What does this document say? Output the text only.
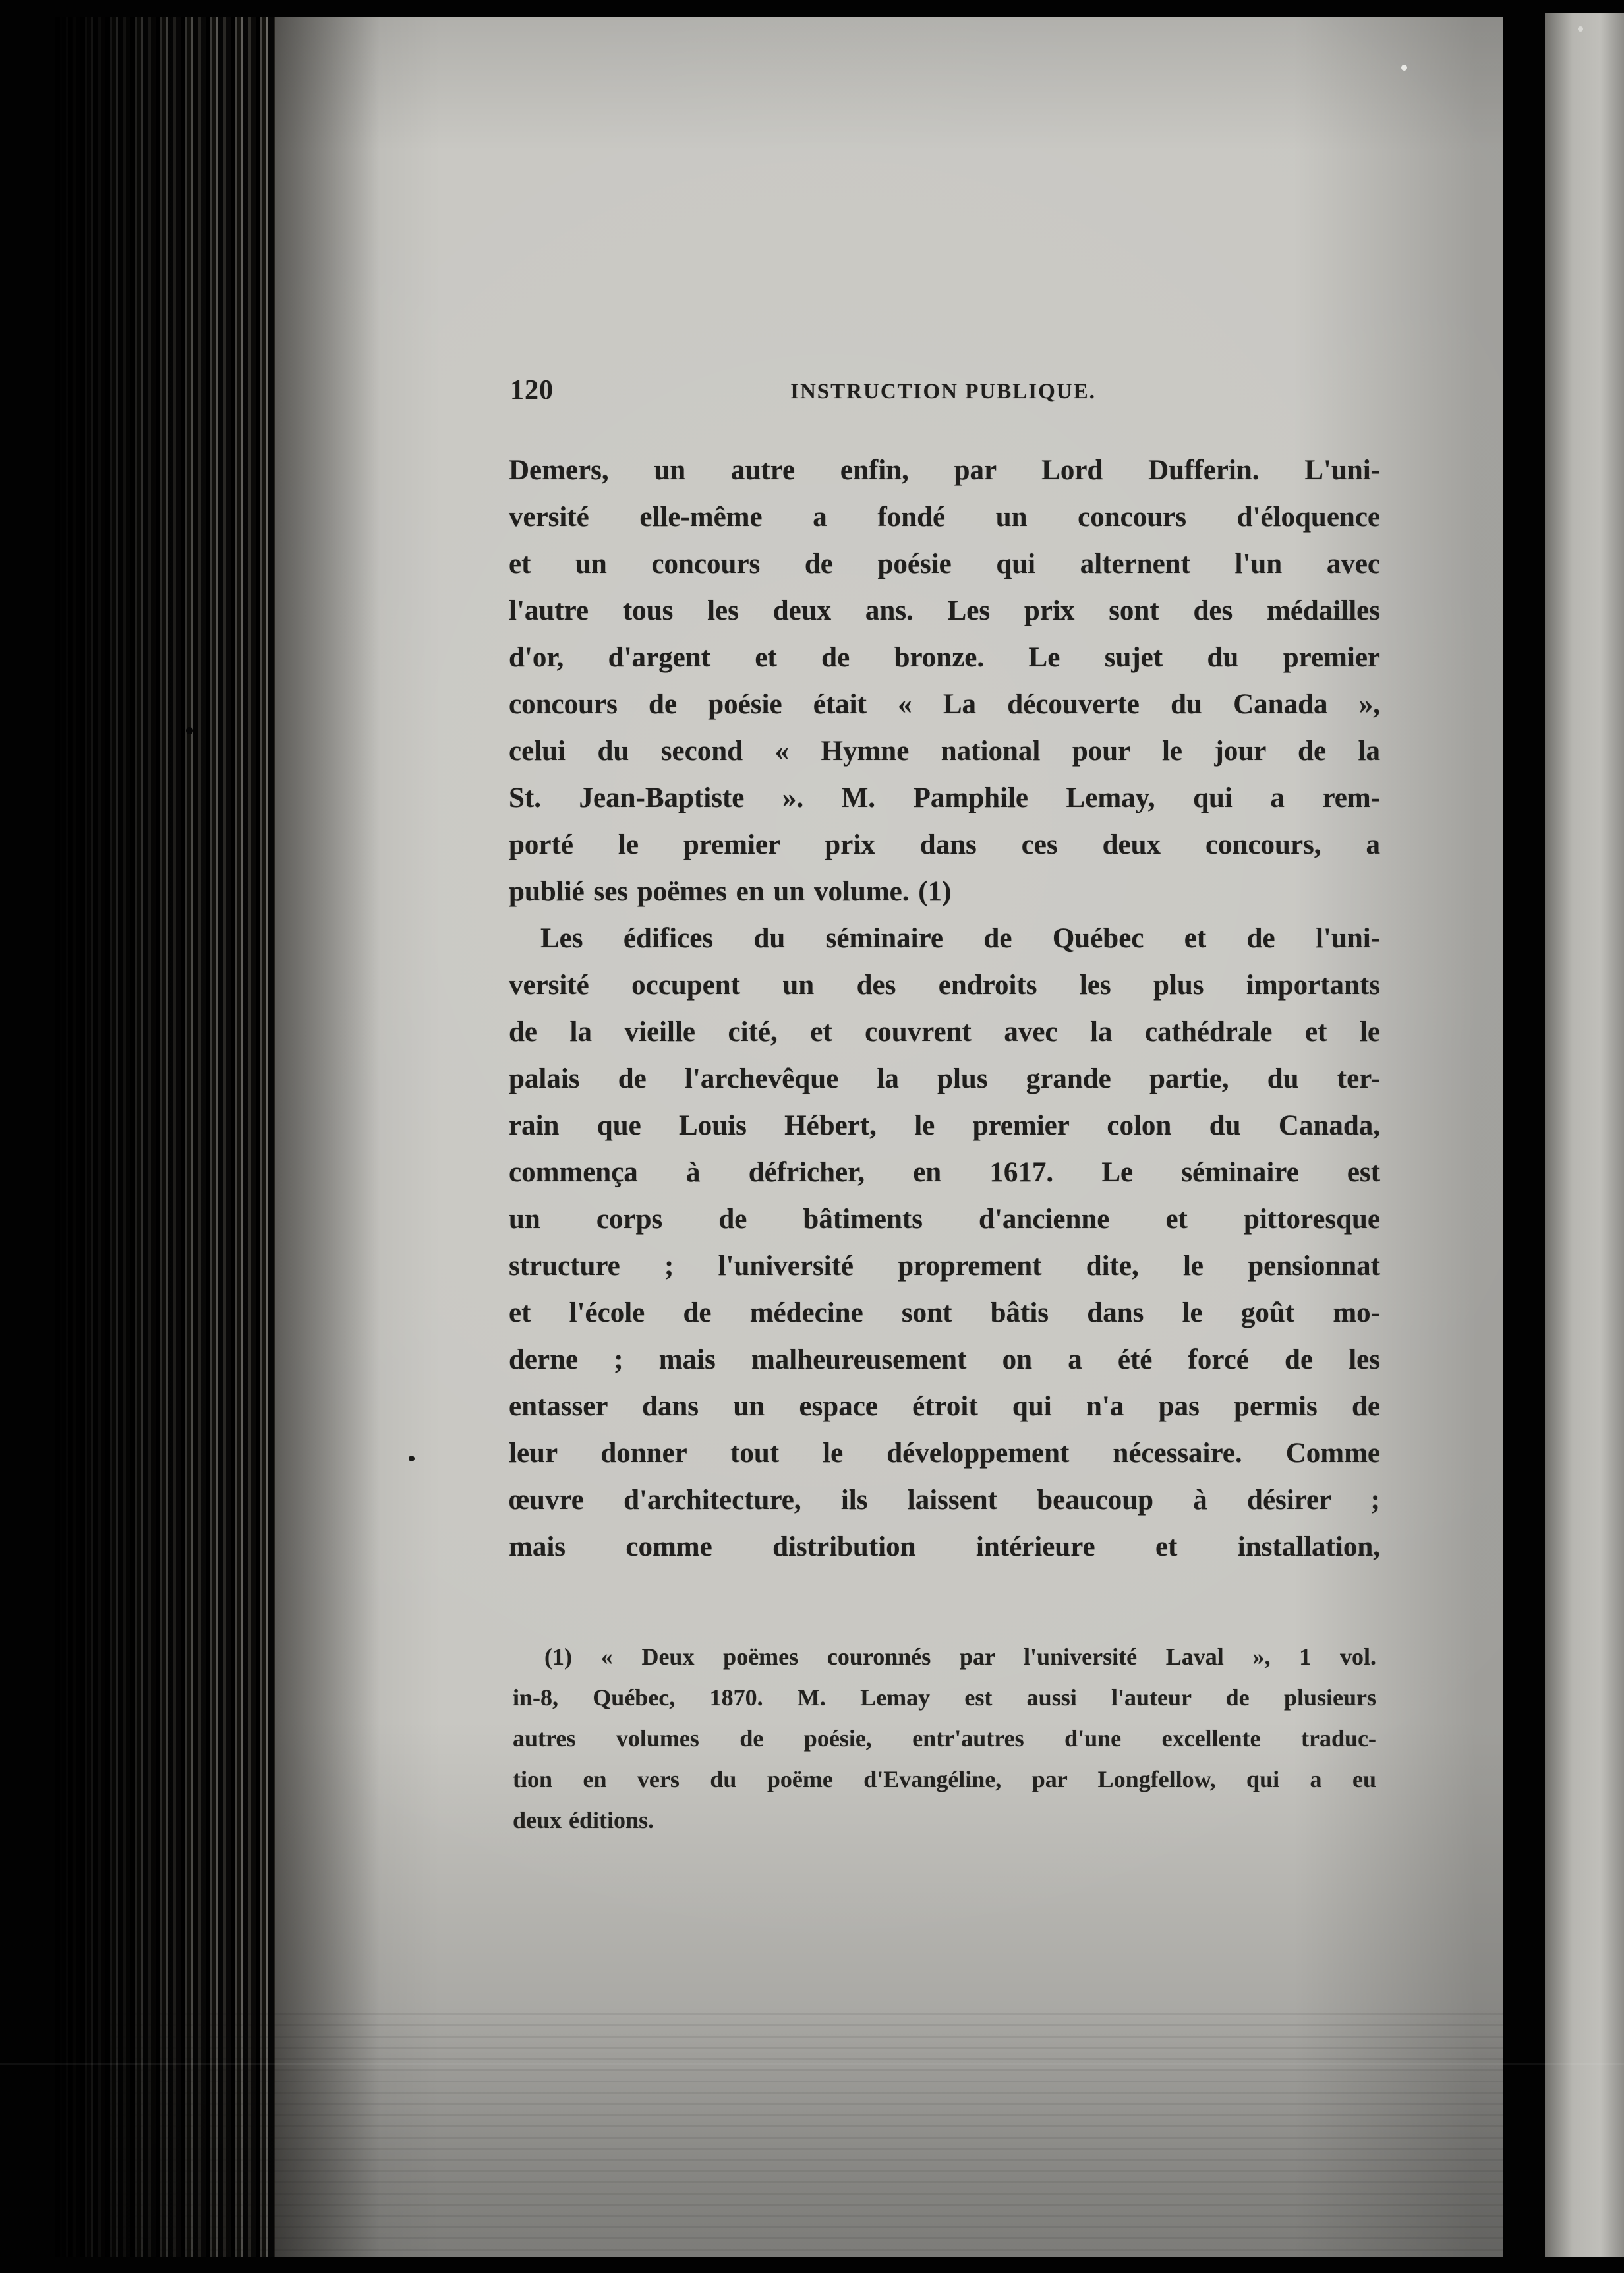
120	INSTRUCTION PUBLIQUE.
Demers, un autre enfin, par Lord Dufferin. L'uni-
versité elle-même a fondé un concours d'éloquence
et un concours de poésie qui alternent l'un avec
l'autre tous les deux ans. Les prix sont des médailles
d'or, d'argent et de bronze. Le sujet du premier
concours de poésie était « La découverte du Canada »,
celui du second « Hymne national pour le jour de la
St. Jean-Baptiste ». M. Pamphile Lemay, qui a rem-
porté le premier prix dans ces deux concours, a
publié ses poëmes en un volume. (1)
Les édifices du séminaire de Québec et de l'uni-
versité occupent un des endroits les plus importants
de la vieille cité, et couvrent avec la cathédrale et le
palais de l'archevêque la plus grande partie, du ter-
rain que Louis Hébert, le premier colon du Canada,
commença à défricher, en 1617. Le séminaire est
un corps de bâtiments d'ancienne et pittoresque
structure ; l'université proprement dite, le pensionnat
et l'école de médecine sont bâtis dans le goût mo-
derne ; mais malheureusement on a été forcé de les
entasser dans un espace étroit qui n'a pas permis de
leur donner tout le développement nécessaire. Comme
œuvre d'architecture, ils laissent beaucoup à désirer ;
mais comme distribution intérieure et installation,
(1) « Deux poëmes couronnés par l'université Laval », 1 vol.
in-8, Québec, 1870. M. Lemay est aussi l'auteur de plusieurs
autres volumes de poésie, entr'autres d'une excellente traduc-
tion en vers du poëme d'Evangéline, par Longfellow, qui a eu
deux éditions.
